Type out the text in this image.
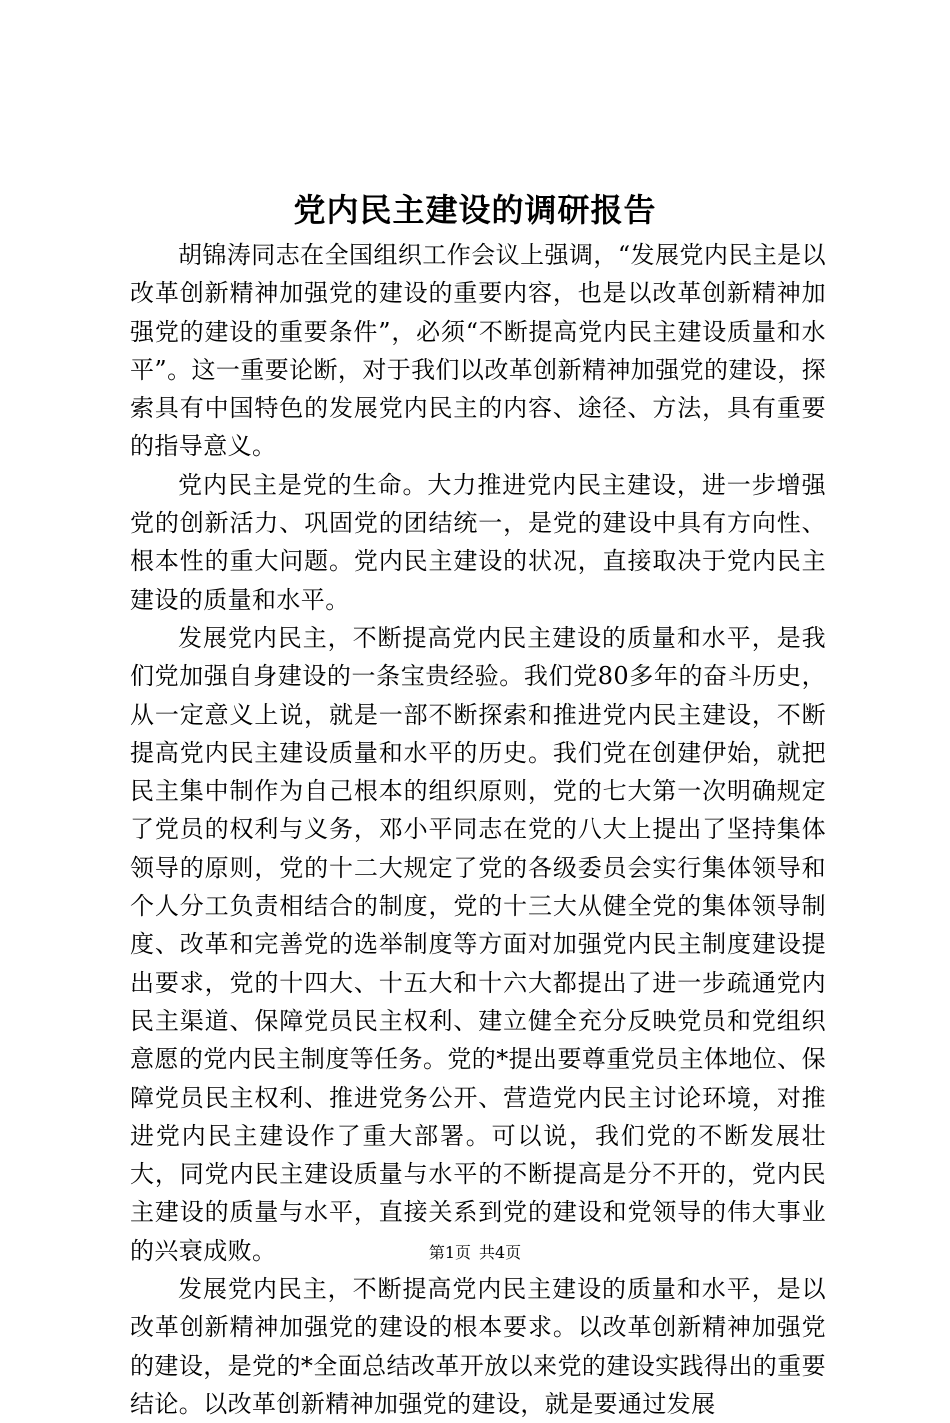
党内民主建设的调研报告

胡锦涛同志在全国组织工作会议上强调，“发展党内民主是以改革创新精神加强党的建设的重要内容，也是以改革创新精神加强党的建设的重要条件”，必须“不断提高党内民主建设质量和水平”。这一重要论断，对于我们以改革创新精神加强党的建设，探索具有中国特色的发展党内民主的内容、途径、方法，具有重要的指导意义。

党内民主是党的生命。大力推进党内民主建设，进一步增强党的创新活力、巩固党的团结统一，是党的建设中具有方向性、根本性的重大问题。党内民主建设的状况，直接取决于党内民主建设的质量和水平。

发展党内民主，不断提高党内民主建设的质量和水平，是我们党加强自身建设的一条宝贵经验。我们党80多年的奋斗历史，从一定意义上说，就是一部不断探索和推进党内民主建设，不断提高党内民主建设质量和水平的历史。我们党在创建伊始，就把民主集中制作为自己根本的组织原则，党的七大第一次明确规定了党员的权利与义务，邓小平同志在党的八大上提出了坚持集体领导的原则，党的十二大规定了党的各级委员会实行集体领导和个人分工负责相结合的制度，党的十三大从健全党的集体领导制度、改革和完善党的选举制度等方面对加强党内民主制度建设提出要求，党的十四大、十五大和十六大都提出了进一步疏通党内民主渠道、保障党员民主权利、建立健全充分反映党员和党组织意愿的党内民主制度等任务。党的*提出要尊重党员主体地位、保障党员民主权利、推进党务公开、营造党内民主讨论环境，对推进党内民主建设作了重大部署。可以说，我们党的不断发展壮大，同党内民主建设质量与水平的不断提高是分不开的，党内民主建设的质量与水平，直接关系到党的建设和党领导的伟大事业的兴衰成败。

发展党内民主，不断提高党内民主建设的质量和水平，是以改革创新精神加强党的建设的根本要求。以改革创新精神加强党的建设，是党的*全面总结改革开放以来党的建设实践得出的重要结论。以改革创新精神加强党的建设，就是要通过发展

第1页 共4页
